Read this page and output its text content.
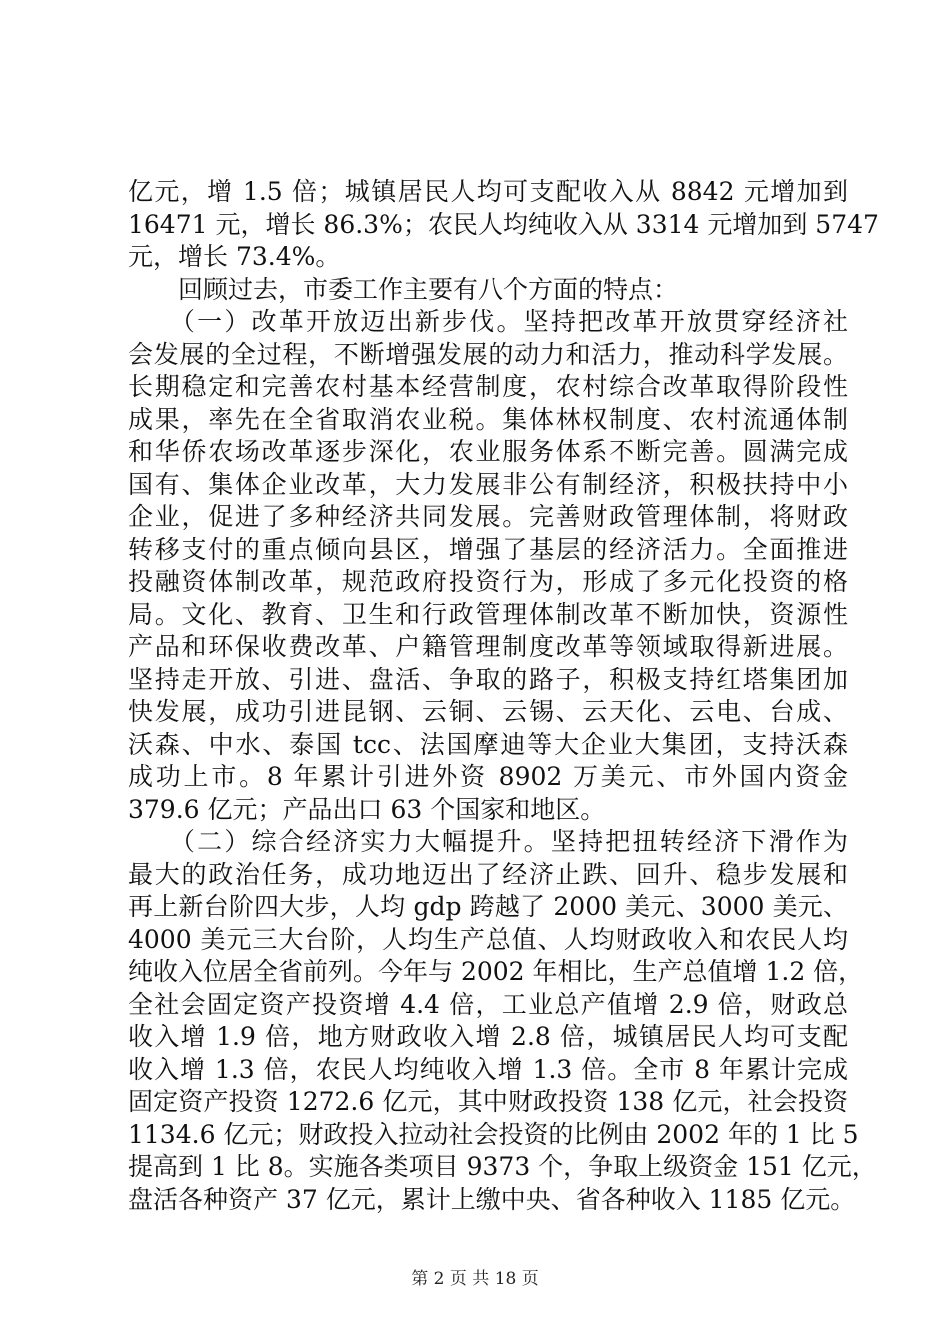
亿元，增 1.5 倍；城镇居民人均可支配收入从 8842 元增加到
16471 元，增长 86.3%；农民人均纯收入从 3314 元增加到 5747
元，增长 73.4%。
　　回顾过去，市委工作主要有八个方面的特点：
　　（一）改革开放迈出新步伐。坚持把改革开放贯穿经济社
会发展的全过程，不断增强发展的动力和活力，推动科学发展。
长期稳定和完善农村基本经营制度，农村综合改革取得阶段性
成果，率先在全省取消农业税。集体林权制度、农村流通体制
和华侨农场改革逐步深化，农业服务体系不断完善。圆满完成
国有、集体企业改革，大力发展非公有制经济，积极扶持中小
企业，促进了多种经济共同发展。完善财政管理体制，将财政
转移支付的重点倾向县区，增强了基层的经济活力。全面推进
投融资体制改革，规范政府投资行为，形成了多元化投资的格
局。文化、教育、卫生和行政管理体制改革不断加快，资源性
产品和环保收费改革、户籍管理制度改革等领域取得新进展。
坚持走开放、引进、盘活、争取的路子，积极支持红塔集团加
快发展，成功引进昆钢、云铜、云锡、云天化、云电、台成、
沃森、中水、泰国 tcc、法国摩迪等大企业大集团，支持沃森
成功上市。8 年累计引进外资 8902 万美元、市外国内资金
379.6 亿元；产品出口 63 个国家和地区。
　　（二）综合经济实力大幅提升。坚持把扭转经济下滑作为
最大的政治任务，成功地迈出了经济止跌、回升、稳步发展和
再上新台阶四大步，人均 gdp 跨越了 2000 美元、3000 美元、
4000 美元三大台阶，人均生产总值、人均财政收入和农民人均
纯收入位居全省前列。今年与 2002 年相比，生产总值增 1.2 倍，
全社会固定资产投资增 4.4 倍，工业总产值增 2.9 倍，财政总
收入增 1.9 倍，地方财政收入增 2.8 倍，城镇居民人均可支配
收入增 1.3 倍，农民人均纯收入增 1.3 倍。全市 8 年累计完成
固定资产投资 1272.6 亿元，其中财政投资 138 亿元，社会投资
1134.6 亿元；财政投入拉动社会投资的比例由 2002 年的 1 比 5
提高到 1 比 8。实施各类项目 9373 个，争取上级资金 151 亿元，
盘活各种资产 37 亿元，累计上缴中央、省各种收入 1185 亿元。
第 2 页 共 18 页
